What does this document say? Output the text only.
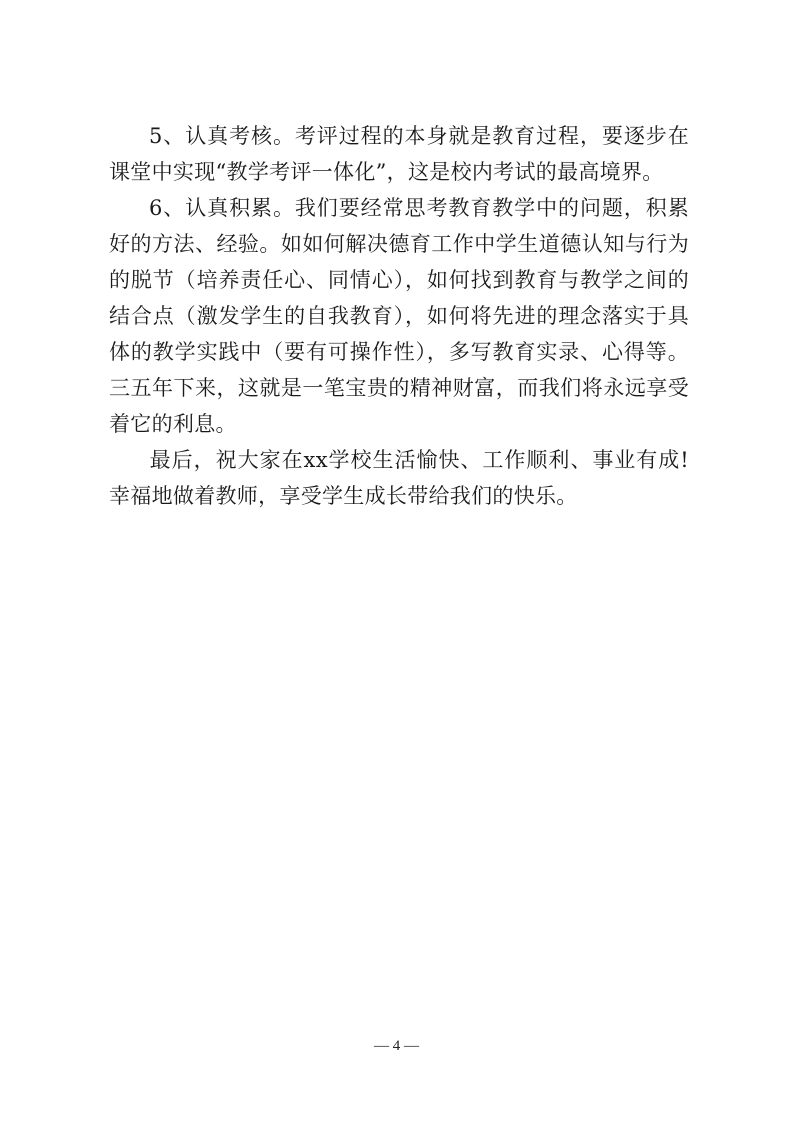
5、认真考核。考评过程的本身就是教育过程，要逐步在课堂中实现“教学考评一体化”，这是校内考试的最高境界。

6、认真积累。我们要经常思考教育教学中的问题，积累好的方法、经验。如如何解决德育工作中学生道德认知与行为的脱节（培养责任心、同情心），如何找到教育与教学之间的结合点（激发学生的自我教育），如何将先进的理念落实于具体的教学实践中（要有可操作性），多写教育实录、心得等。三五年下来，这就是一笔宝贵的精神财富，而我们将永远享受着它的利息。

最后，祝大家在xx学校生活愉快、工作顺利、事业有成!幸福地做着教师，享受学生成长带给我们的快乐。

— 4 —
